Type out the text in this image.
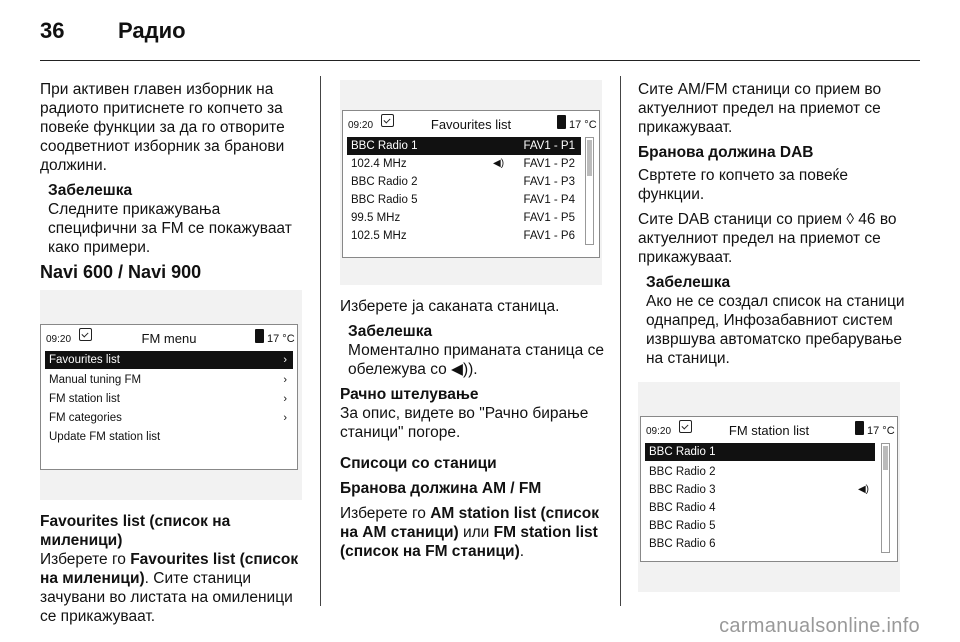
36 Радио

При активен главен изборник на радиото притиснете го копчето за повеќе функции за да го отворите соодветниот изборник за бранови должини.

Забелешка
Следните прикажувања специфични за FM се покажуваат како примери.
Navi 600 / Navi 900
09:20	FM menu	17 °C
Favourites list	›
Manual tuning FM	›
FM station list	›
FM categories	›
Update FM station list
Favourites list (список на миленици)

Изберете го Favourites list (список на миленици). Сите станици зачувани во листата на омиленици се прикажуваат.

09:20	Favourites list	17 °C
BBC Radio 1	FAV1 - P1
102.4 MHz	◀) FAV1 - P2
BBC Radio 2	FAV1 - P3
BBC Radio 5	FAV1 - P4
99.5 MHz	FAV1 - P5
102.5 MHz	FAV1 - P6

Изберете ја саканата станица.

Забелешка
Моментално приманата станица се обележува со ◀)).
Рачно штелување

За опис, видете во "Рачно бирање станици" погоре.

Списоци со станици
Бранова должина AM / FM

Изберете го AM station list (список на AM станици) или FM station list (список на FM станици).

Сите AM/FM станици со прием во актуелниот предел на приемот се прикажуваат.

Бранова должина DAB

Свртете го копчето за повеќе функции.

Сите DAB станици со прием ◊ 46 во актуелниот предел на приемот се прикажуваат.

Забелешка
Ако не се создал список на станици однапред, Инфозабавниот систем извршува автоматско пребарување на станици.
09:20	FM station list	17 °C
BBC Radio 1
BBC Radio 2
BBC Radio 3	◀)
BBC Radio 4
BBC Radio 5
BBC Radio 6
carmanualsonline.info
